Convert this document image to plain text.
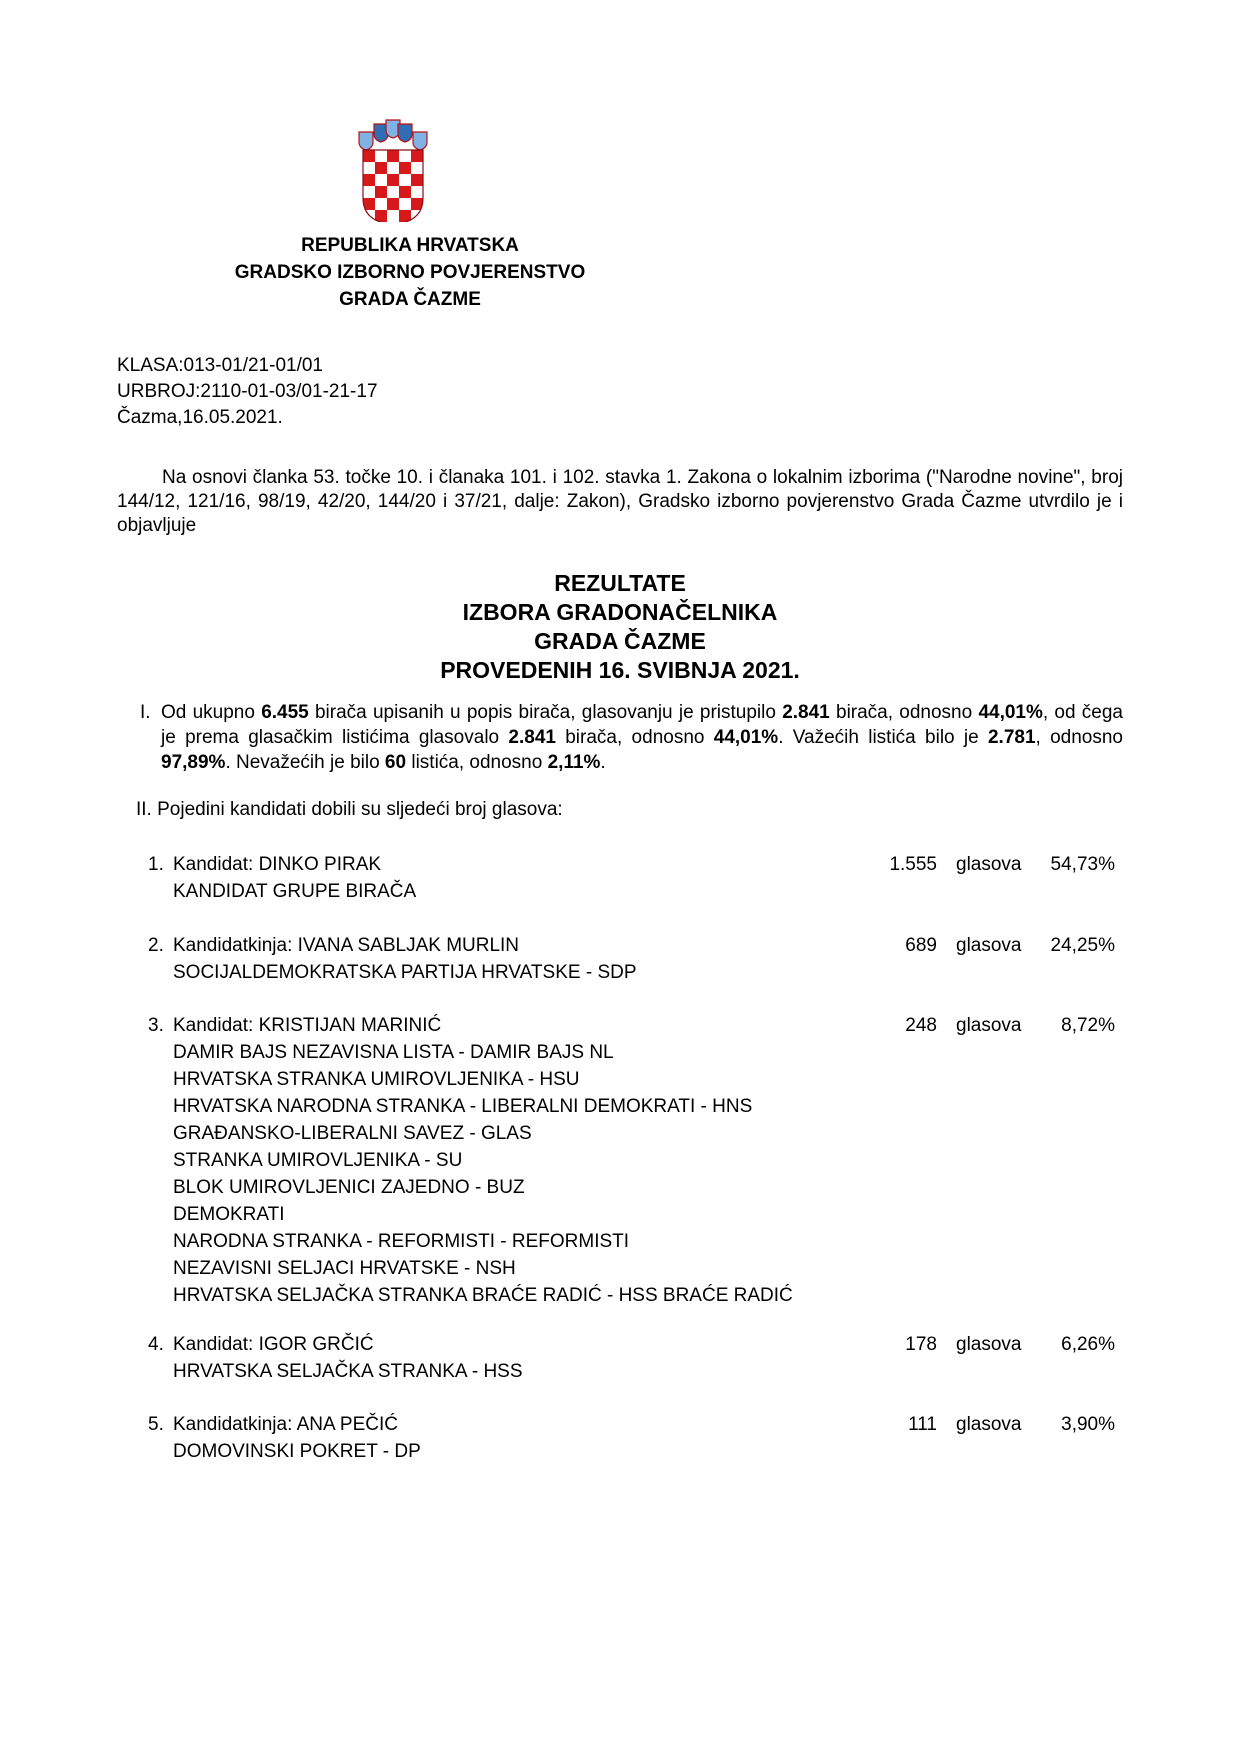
REPUBLIKA HRVATSKA
GRADSKO IZBORNO POVJERENSTVO
GRADA ČAZME
KLASA:013-01/21-01/01
URBROJ:2110-01-03/01-21-17
Čazma,16.05.2021.
Na osnovi članka 53. točke 10. i članaka 101. i 102. stavka 1. Zakona o lokalnim izborima ("Narodne novine", broj 144/12, 121/16, 98/19, 42/20, 144/20 i 37/21, dalje: Zakon), Gradsko izborno povjerenstvo Grada Čazme utvrdilo je i objavljuje
REZULTATE
IZBORA GRADONAČELNIKA
GRADA ČAZME
PROVEDENIH 16. SVIBNJA 2021.
I. Od ukupno 6.455 birača upisanih u popis birača, glasovanju je pristupilo 2.841 birača, odnosno 44,01%, od čega je prema glasačkim listićima glasovalo 2.841 birača, odnosno 44,01%. Važećih listića bilo je 2.781, odnosno 97,89%. Nevažećih je bilo 60 listića, odnosno 2,11%.
II. Pojedini kandidati dobili su sljedeći broj glasova:
1. Kandidat: DINKO PIRAK	1.555 glasova 54,73%
KANDIDAT GRUPE BIRAČA
2. Kandidatkinja: IVANA SABLJAK MURLIN	689 glasova 24,25%
SOCIJALDEMOKRATSKA PARTIJA HRVATSKE - SDP
3. Kandidat: KRISTIJAN MARINIĆ	248 glasova 8,72%
DAMIR BAJS NEZAVISNA LISTA - DAMIR BAJS NL
HRVATSKA STRANKA UMIROVLJENIKA - HSU
HRVATSKA NARODNA STRANKA - LIBERALNI DEMOKRATI - HNS
GRAĐANSKO-LIBERALNI SAVEZ - GLAS
STRANKA UMIROVLJENIKA - SU
BLOK UMIROVLJENICI ZAJEDNO - BUZ
DEMOKRATI
NARODNA STRANKA - REFORMISTI - REFORMISTI
NEZAVISNI SELJACI HRVATSKE - NSH
HRVATSKA SELJAČKA STRANKA BRAĆE RADIĆ - HSS BRAĆE RADIĆ
4. Kandidat: IGOR GRČIĆ	178 glasova 6,26%
HRVATSKA SELJAČKA STRANKA - HSS
5. Kandidatkinja: ANA PEČIĆ	111 glasova 3,90%
DOMOVINSKI POKRET - DP
